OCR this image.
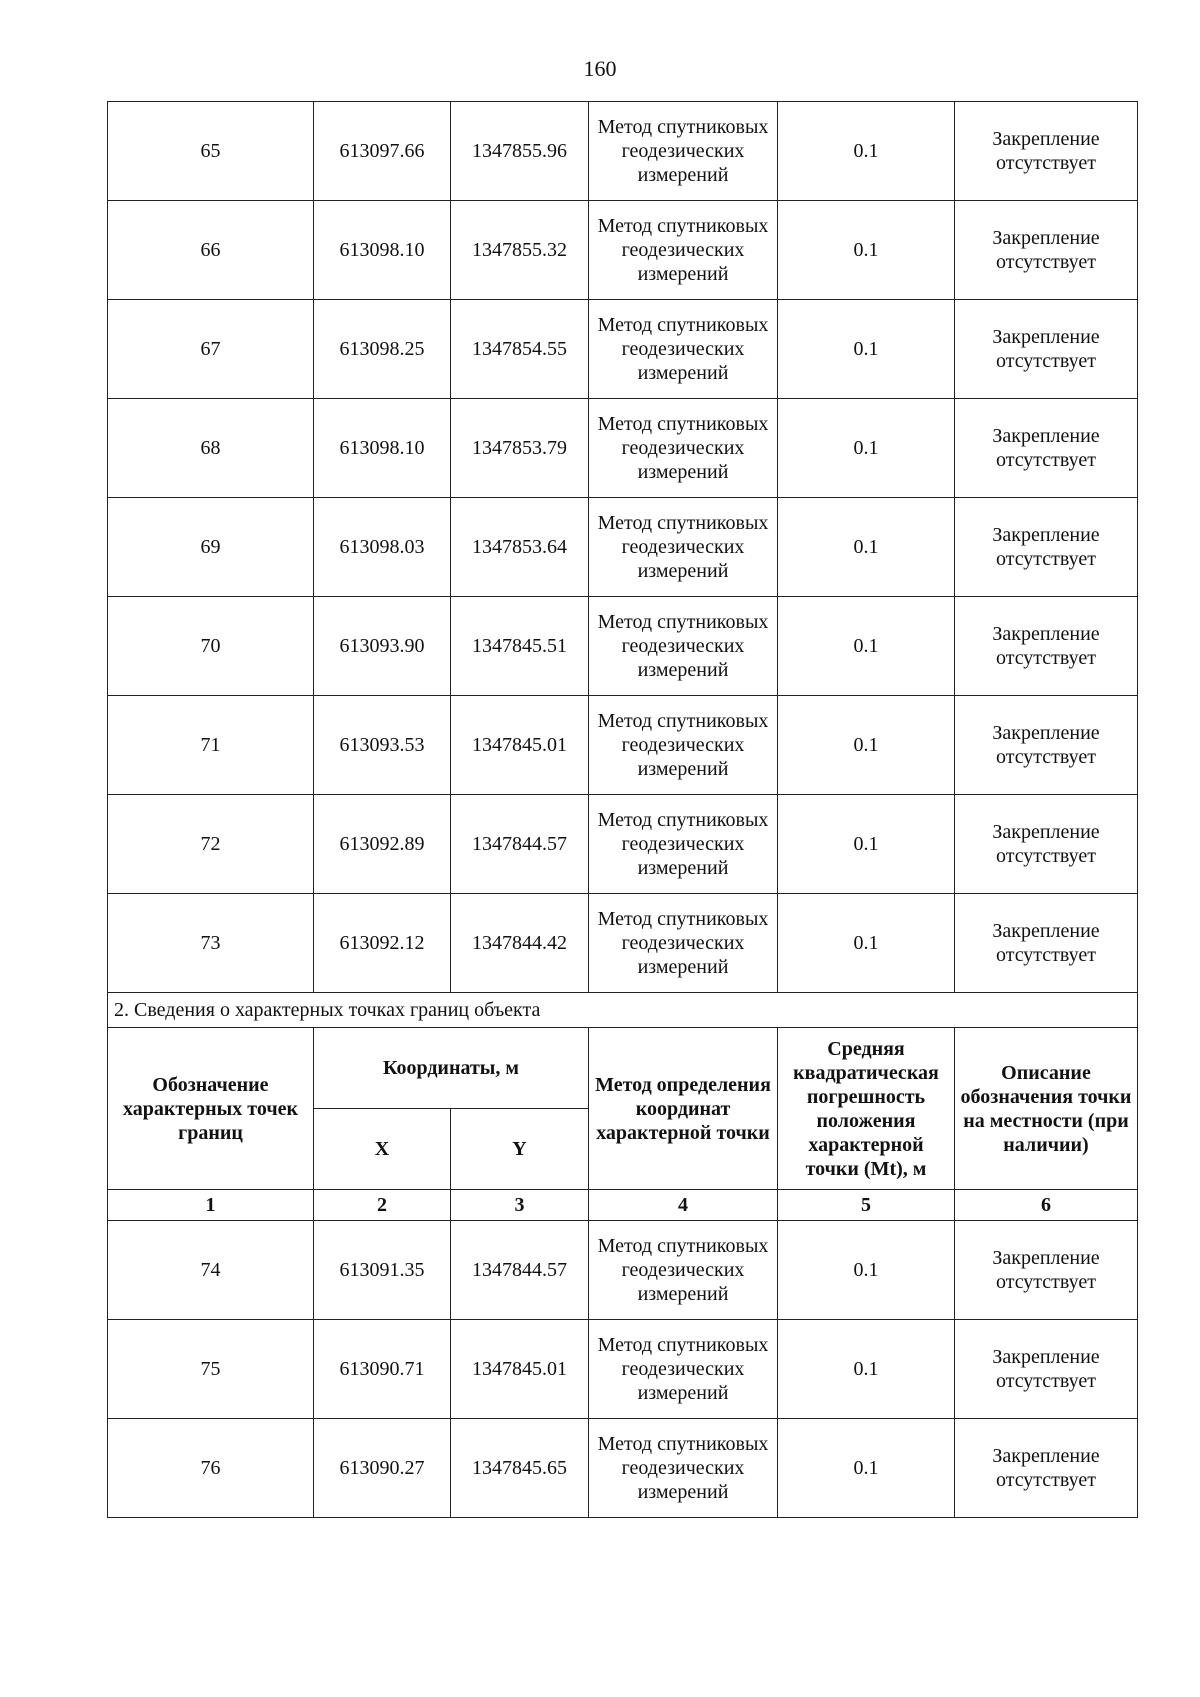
160
65	613097.66	1347855.96	Метод спутниковых геодезических измерений	0.1	Закрепление отсутствует
66	613098.10	1347855.32	Метод спутниковых геодезических измерений	0.1	Закрепление отсутствует
67	613098.25	1347854.55	Метод спутниковых геодезических измерений	0.1	Закрепление отсутствует
68	613098.10	1347853.79	Метод спутниковых геодезических измерений	0.1	Закрепление отсутствует
69	613098.03	1347853.64	Метод спутниковых геодезических измерений	0.1	Закрепление отсутствует
70	613093.90	1347845.51	Метод спутниковых геодезических измерений	0.1	Закрепление отсутствует
71	613093.53	1347845.01	Метод спутниковых геодезических измерений	0.1	Закрепление отсутствует
72	613092.89	1347844.57	Метод спутниковых геодезических измерений	0.1	Закрепление отсутствует
73	613092.12	1347844.42	Метод спутниковых геодезических измерений	0.1	Закрепление отсутствует
2. Сведения о характерных точках границ объекта					
Обозначение характерных точек границ	Координаты, м		Метод определения координат характерной точки	Средняя квадратическая погрешность положения характерной точки (Mt), м	Описание обозначения точки на местности (при наличии)
	X	Y			
1	2	3	4	5	6
74	613091.35	1347844.57	Метод спутниковых геодезических измерений	0.1	Закрепление отсутствует
75	613090.71	1347845.01	Метод спутниковых геодезических измерений	0.1	Закрепление отсутствует
76	613090.27	1347845.65	Метод спутниковых геодезических измерений	0.1	Закрепление отсутствует
